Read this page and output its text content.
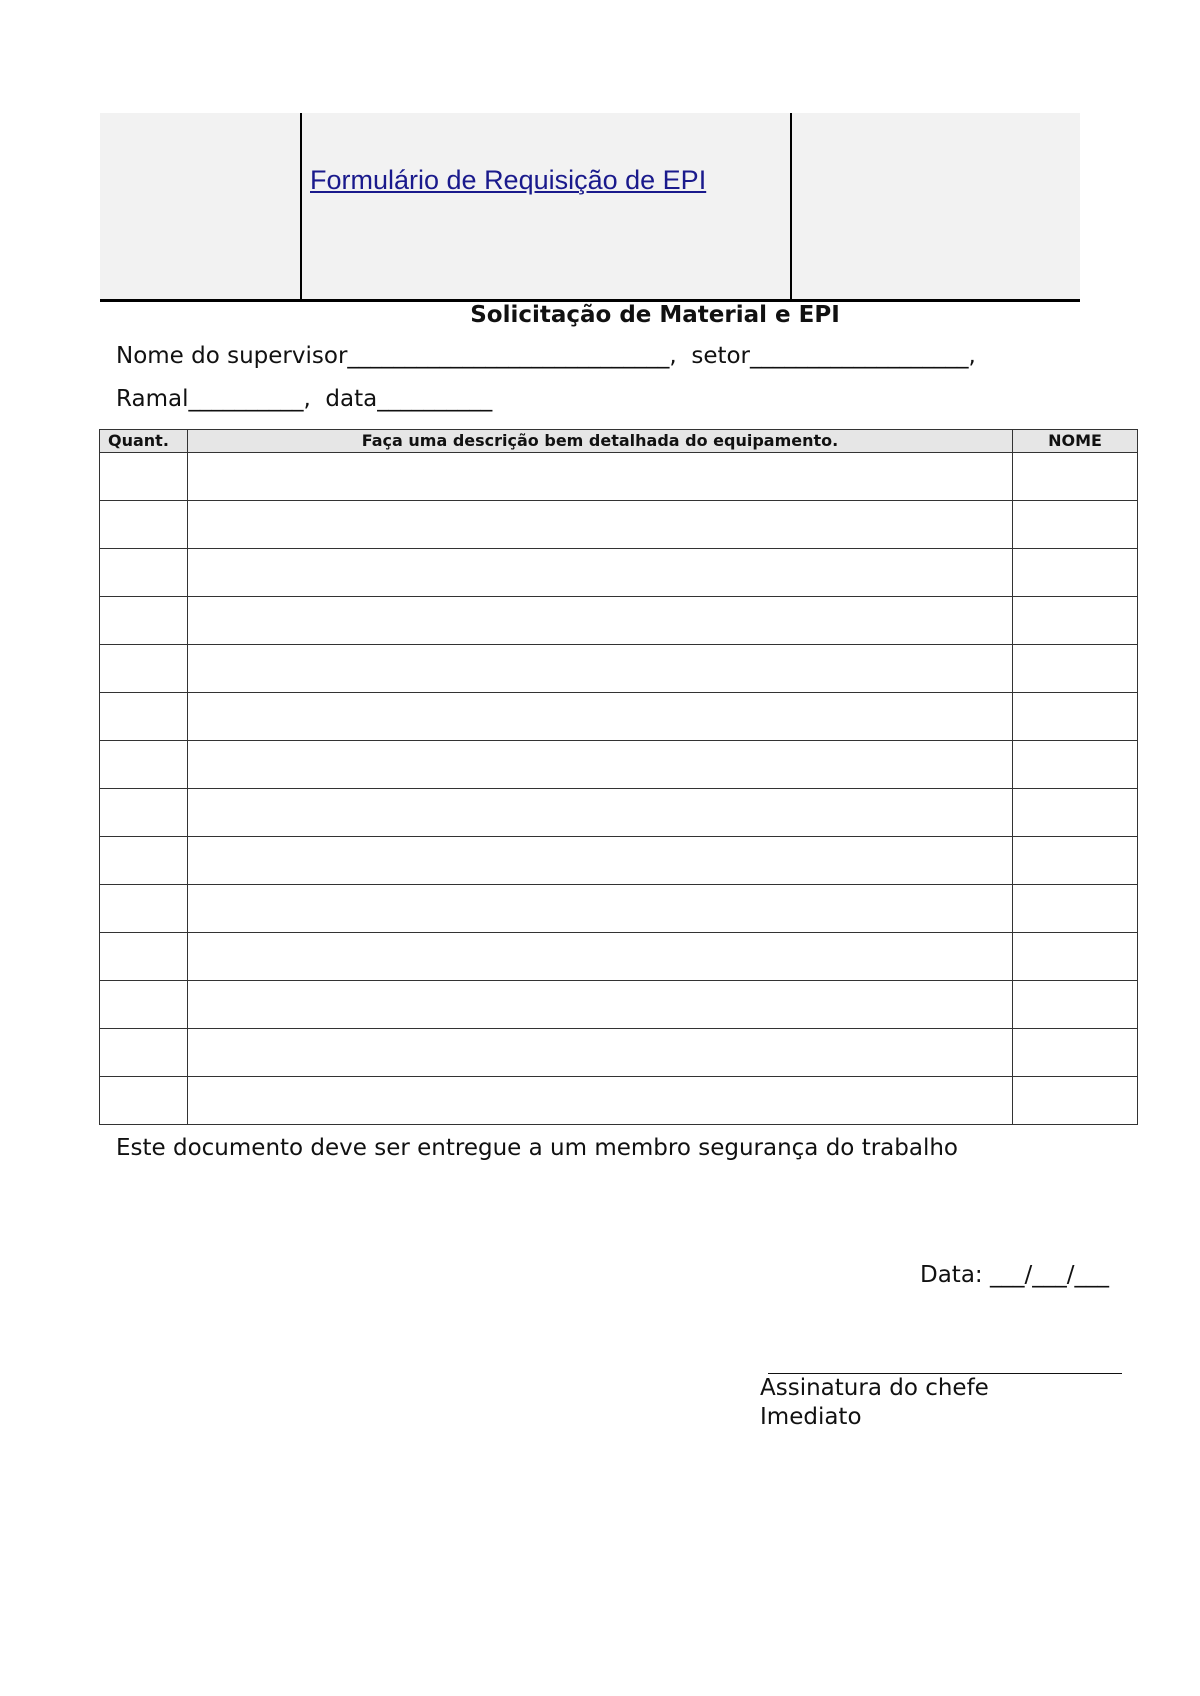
Formulário de Requisição de EPI
Solicitação de Material e EPI
Nome do supervisor____________________________,  setor___________________,
Ramal__________,  data__________
Quant.	Faça uma descrição bem detalhada do equipamento.	NOME

Este documento deve ser entregue a um membro segurança do trabalho
Data: ___/___/___
Assinatura do chefe Imediato
